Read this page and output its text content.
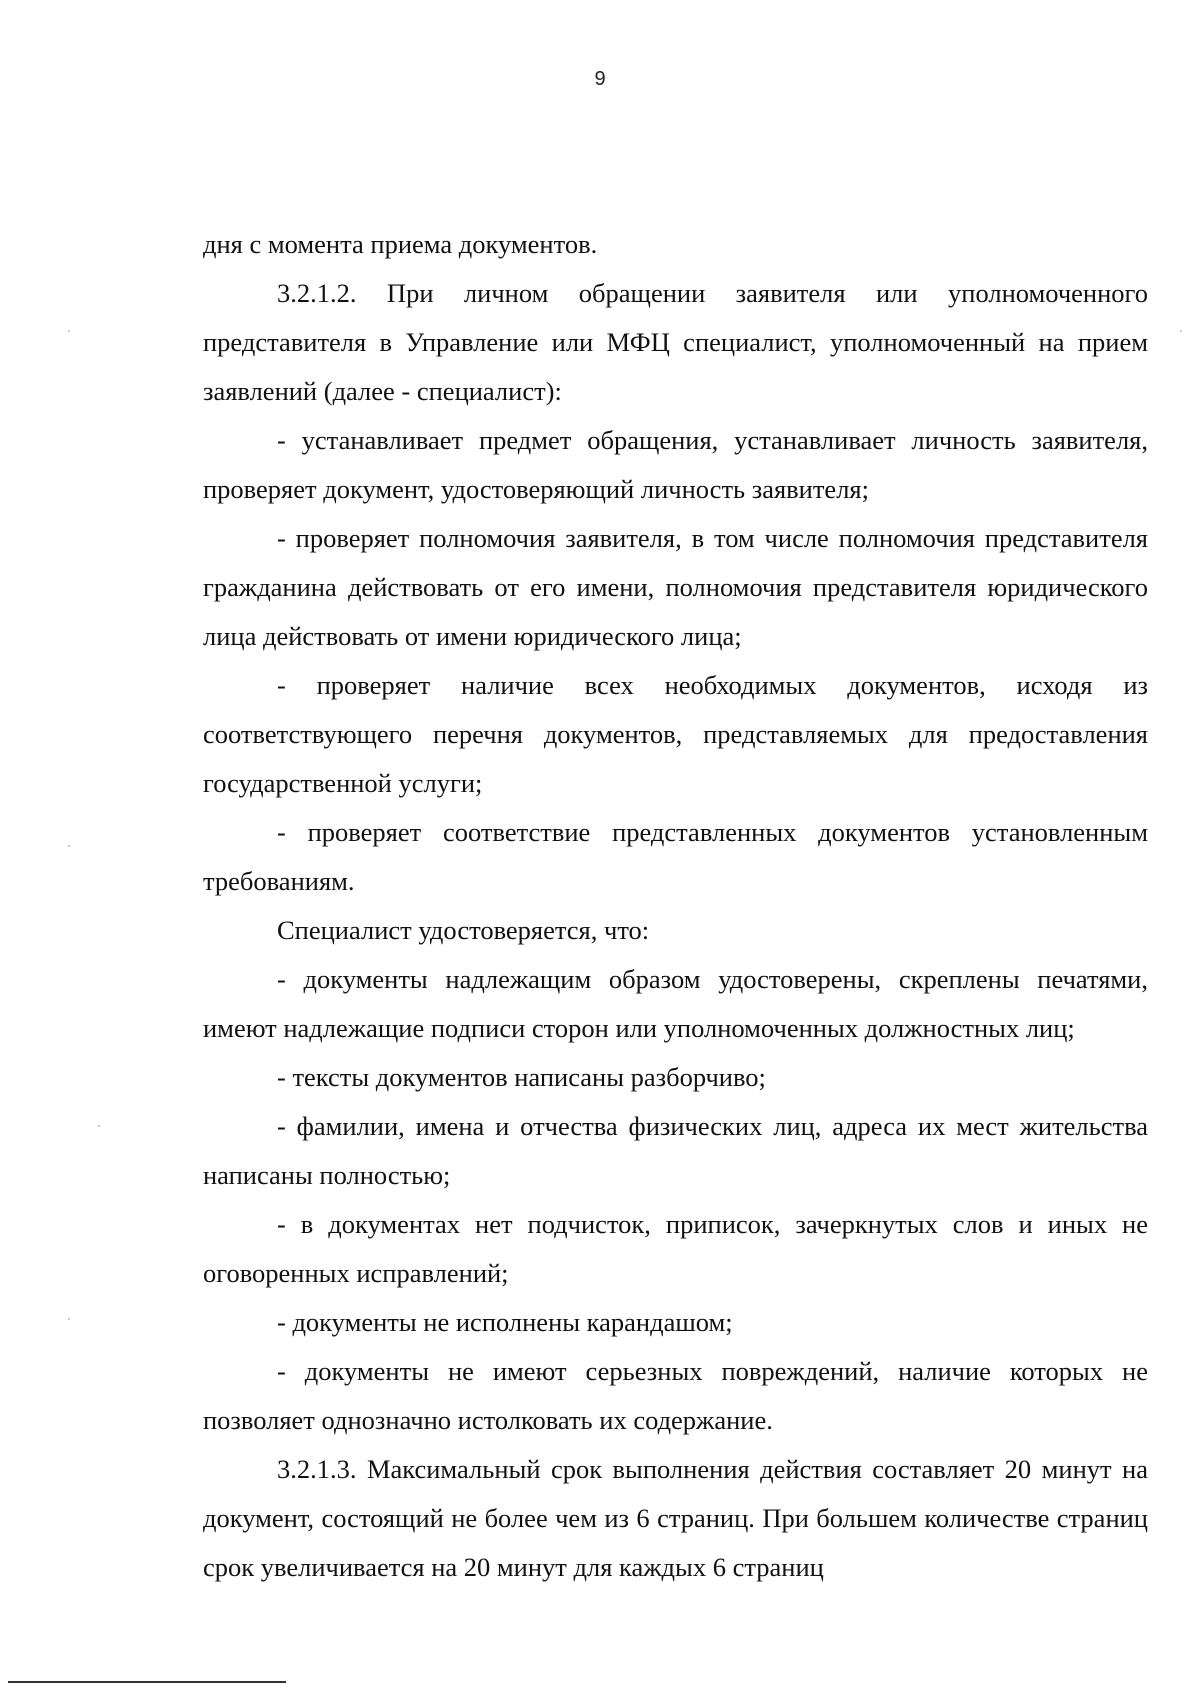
9

дня с момента приема документов.

3.2.1.2. При личном обращении заявителя или уполномоченного представителя в Управление или МФЦ специалист, уполномоченный на прием заявлений (далее - специалист):

- устанавливает предмет обращения, устанавливает личность заявителя, проверяет документ, удостоверяющий личность заявителя;

- проверяет полномочия заявителя, в том числе полномочия представителя гражданина действовать от его имени, полномочия представителя юридического лица действовать от имени юридического лица;

- проверяет наличие всех необходимых документов, исходя из соответствующего перечня документов, представляемых для предоставления государственной услуги;

- проверяет соответствие представленных документов установленным требованиям.

Специалист удостоверяется, что:

- документы надлежащим образом удостоверены, скреплены печатями, имеют надлежащие подписи сторон или уполномоченных должностных лиц;

- тексты документов написаны разборчиво;

- фамилии, имена и отчества физических лиц, адреса их мест жительства написаны полностью;

- в документах нет подчисток, приписок, зачеркнутых слов и иных не оговоренных исправлений;

- документы не исполнены карандашом;

- документы не имеют серьезных повреждений, наличие которых не позволяет однозначно истолковать их содержание.

3.2.1.3. Максимальный срок выполнения действия составляет 20 минут на документ, состоящий не более чем из 6 страниц. При большем количестве страниц срок увеличивается на 20 минут для каждых 6 страниц
